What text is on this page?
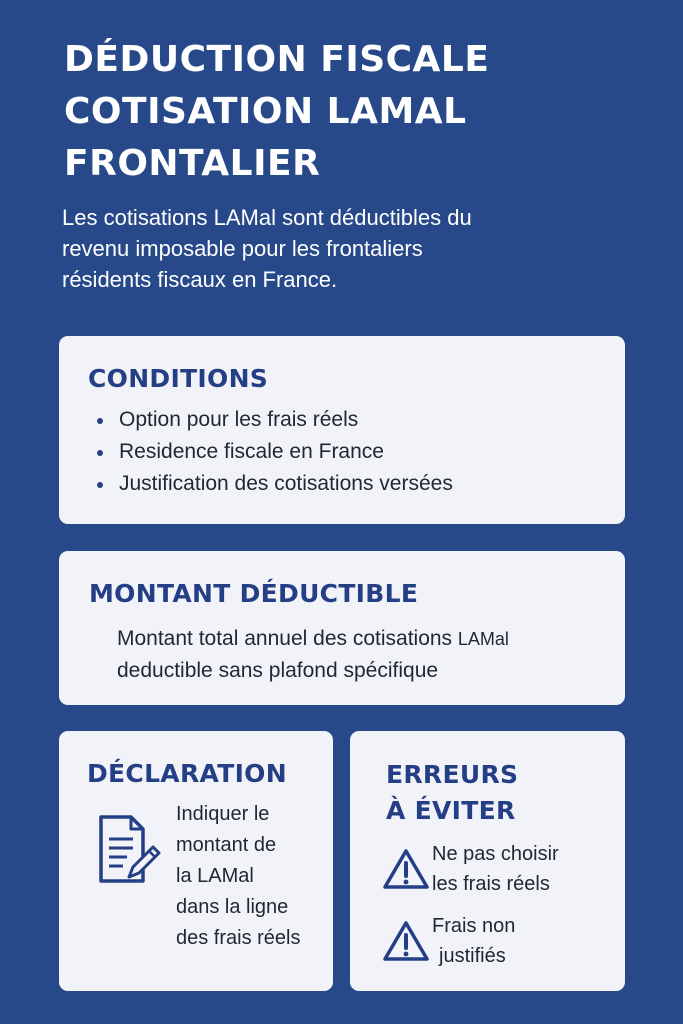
DÉDUCTION FISCALE
COTISATION LAMAL
FRONTALIER

Les cotisations LAMal sont déductibles du
revenu imposable pour les frontaliers
résidents fiscaux en France.

CONDITIONS
Option pour les frais réels
Residence fiscale en France
Justification des cotisations versées
MONTANT DÉDUCTIBLE

Montant total annuel des cotisations LAMal
deductible sans plafond spécifique

DÉCLARATION

Indiquer le
montant de
la LAMal
dans la ligne
des frais réels

ERREURS
À ÉVITER

Ne pas choisir
les frais réels

Frais non
justifiés
